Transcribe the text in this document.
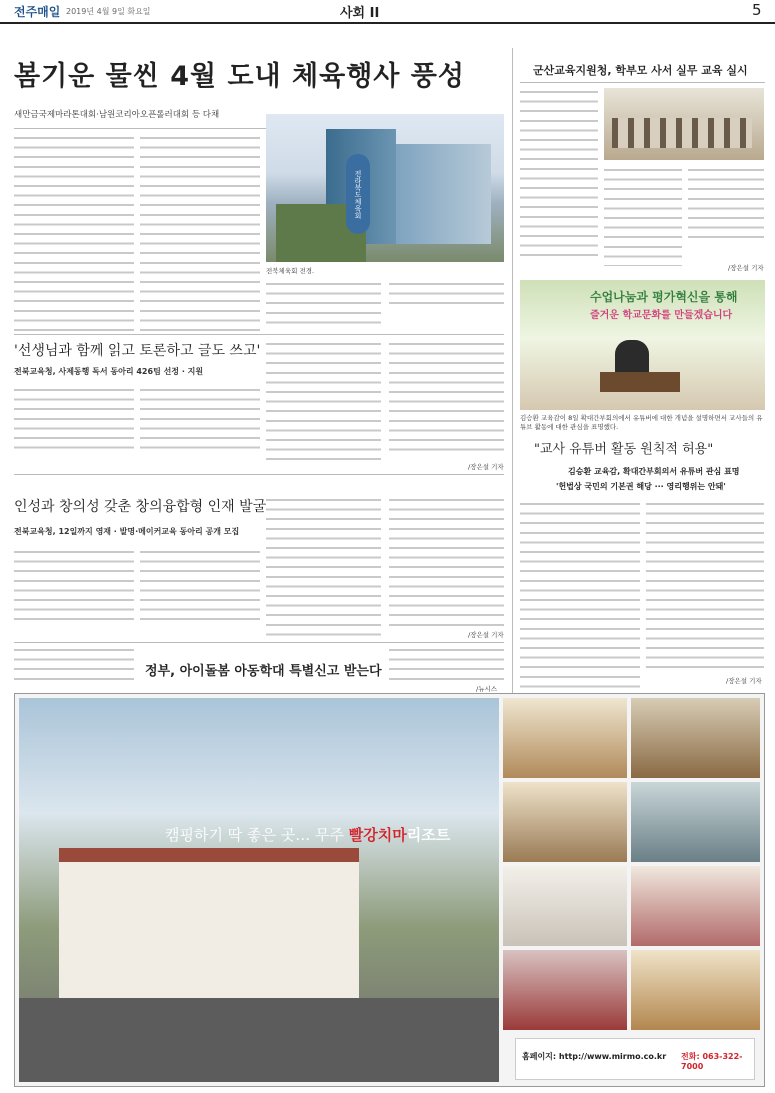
전주매일 2019년 4월 9일 화요일	사회 II	5
봄기운 물씬 4월 도내 체육행사 풍성
새만금국제마라톤대회·남원코리아오픈롤러대회 등 다채
전라북도체육회
전북체육회 전경.
군산교육지원청, 학부모 사서 실무 교육 실시
/장은설 기자
'선생님과 함께 읽고 토론하고 글도 쓰고'
전북교육청, 사제동행 독서 동아리 426팀 선정 · 지원
/장은설 기자
수업나눔과 평가혁신을 통해
즐거운 학교문화를 만들겠습니다
김승환 교육감이 8일 확대간부회의에서 유튜버에 대한 개념을 설명하면서 교사들의 유튜브 활동에 대한 관심을 표명했다.
"교사 유튜버 활동 원칙적 허용"
김승환 교육감, 확대간부회의서 유튜버 관심 표명
'헌법상 국민의 기본권 해당 ··· 영리행위는 안돼'
/장은설 기자
인성과 창의성 갖춘 창의융합형 인재 발굴
전북교육청, 12일까지 영재 · 발명·메이커교육 동아리 공개 모집
/장은설 기자
정부, 아이돌봄 아동학대 특별신고 받는다
/뉴시스
캠핑하기 딱 좋은 곳… 무주 빨강치마리조트
홈페이지: http://www.mirmo.co.kr 전화: 063-322-7000
